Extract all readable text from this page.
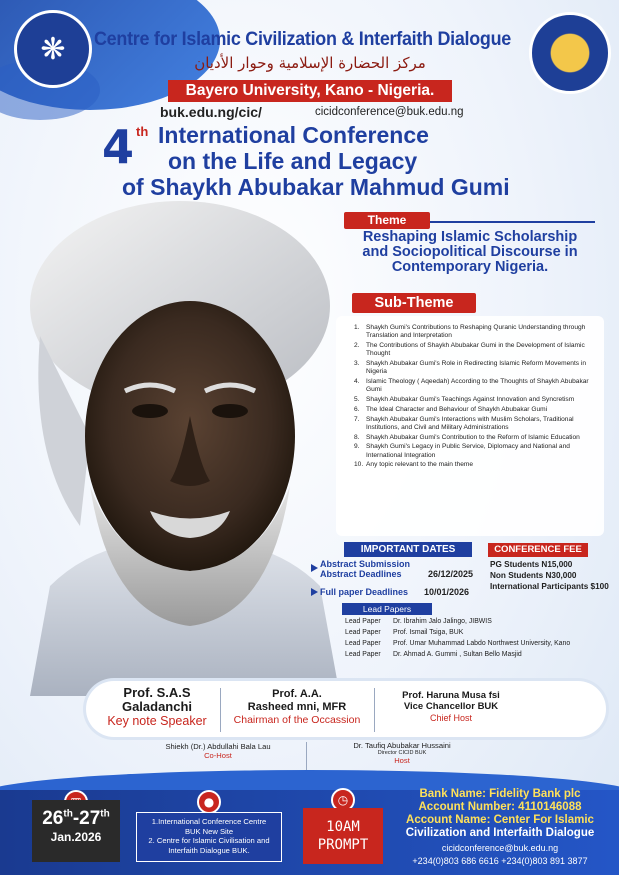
❋ Centre for Islamic Civilization & Interfaith Dialogue
مركز الحضارة الإسلامية وحوار الأديان
Bayero University, Kano - Nigeria.
buk.edu.ng/cic/	cicidconference@buk.edu.ng
4 th International Conference
on the Life and Legacy
of Shaykh Abubakar Mahmud Gumi
Theme
Reshaping Islamic Scholarship
and Sociopolitical Discourse in
Contemporary Nigeria.
Sub-Theme
1. Shaykh Gumi's Contributions to Reshaping Quranic Understanding through Translation and Interpretation
2. The Contributions of Shaykh Abubakar Gumi in the Development of Islamic Thought
3. Shaykh Abubakar Gumi's Role in Redirecting Islamic Reform Movements in Nigeria
4. Islamic Theology ( Aqeedah) According to the Thoughts of Shaykh Abubakar Gumi
5. Shaykh Abubakar Gumi's Teachings Against Innovation and Syncretism
6. The Ideal Character and Behaviour of Shaykh Abubakar Gumi
7. Shaykh Abubakar Gumi's Interactions with Muslim Scholars, Traditional Institutions, and Civil and Military Administrations
8. Shaykh Abubakar Gumi's Contribution to the Reform of Islamic Education
9. Shaykh Gumi's Legacy in Public Service, Diplomacy and National and International Integration
10. Any topic relevant to the main theme
IMPORTANT DATES
Abstract Submission
Abstract Deadlines	26/12/2025
Full paper Deadlines 10/01/2026
CONFERENCE FEE
PG Students N15,000
Non Students N30,000
International Participants $100
Lead Papers
Lead Paper Dr. Ibrahim Jalo Jalingo, JIBWIS
Lead Paper Prof. Ismail Tsiga, BUK
Lead Paper Prof. Umar Muhammad Labdo Northwest University, Kano
Lead Paper Dr. Ahmad A. Gummi , Sultan Bello Masjid
Prof. S.A.S
Galadanchi
Key note Speaker
Prof. A.A.
Rasheed mni, MFR
Chairman of the Occassion
Prof. Haruna Musa fsi
Vice Chancellor BUK
Chief Host
Shiekh (Dr.) Abdullahi Bala Lau
Co-Host
Dr. Taufiq Abubakar Hussaini
Director CICID BUK
Host
26th-27th
Jan.2026
●
1.International Conference Centre BUK New Site
2. Centre for Islamic Civilisation and Interfaith Dialogue BUK.
◷
10AM
PROMPT
Bank Name: Fidelity Bank plc
Account Number: 4110146088
Account Name: Center For Islamic
Civilization and Interfaith Dialogue
cicidconference@buk.edu.ng
+234(0)803 686 6616 +234(0)803 891 3877
